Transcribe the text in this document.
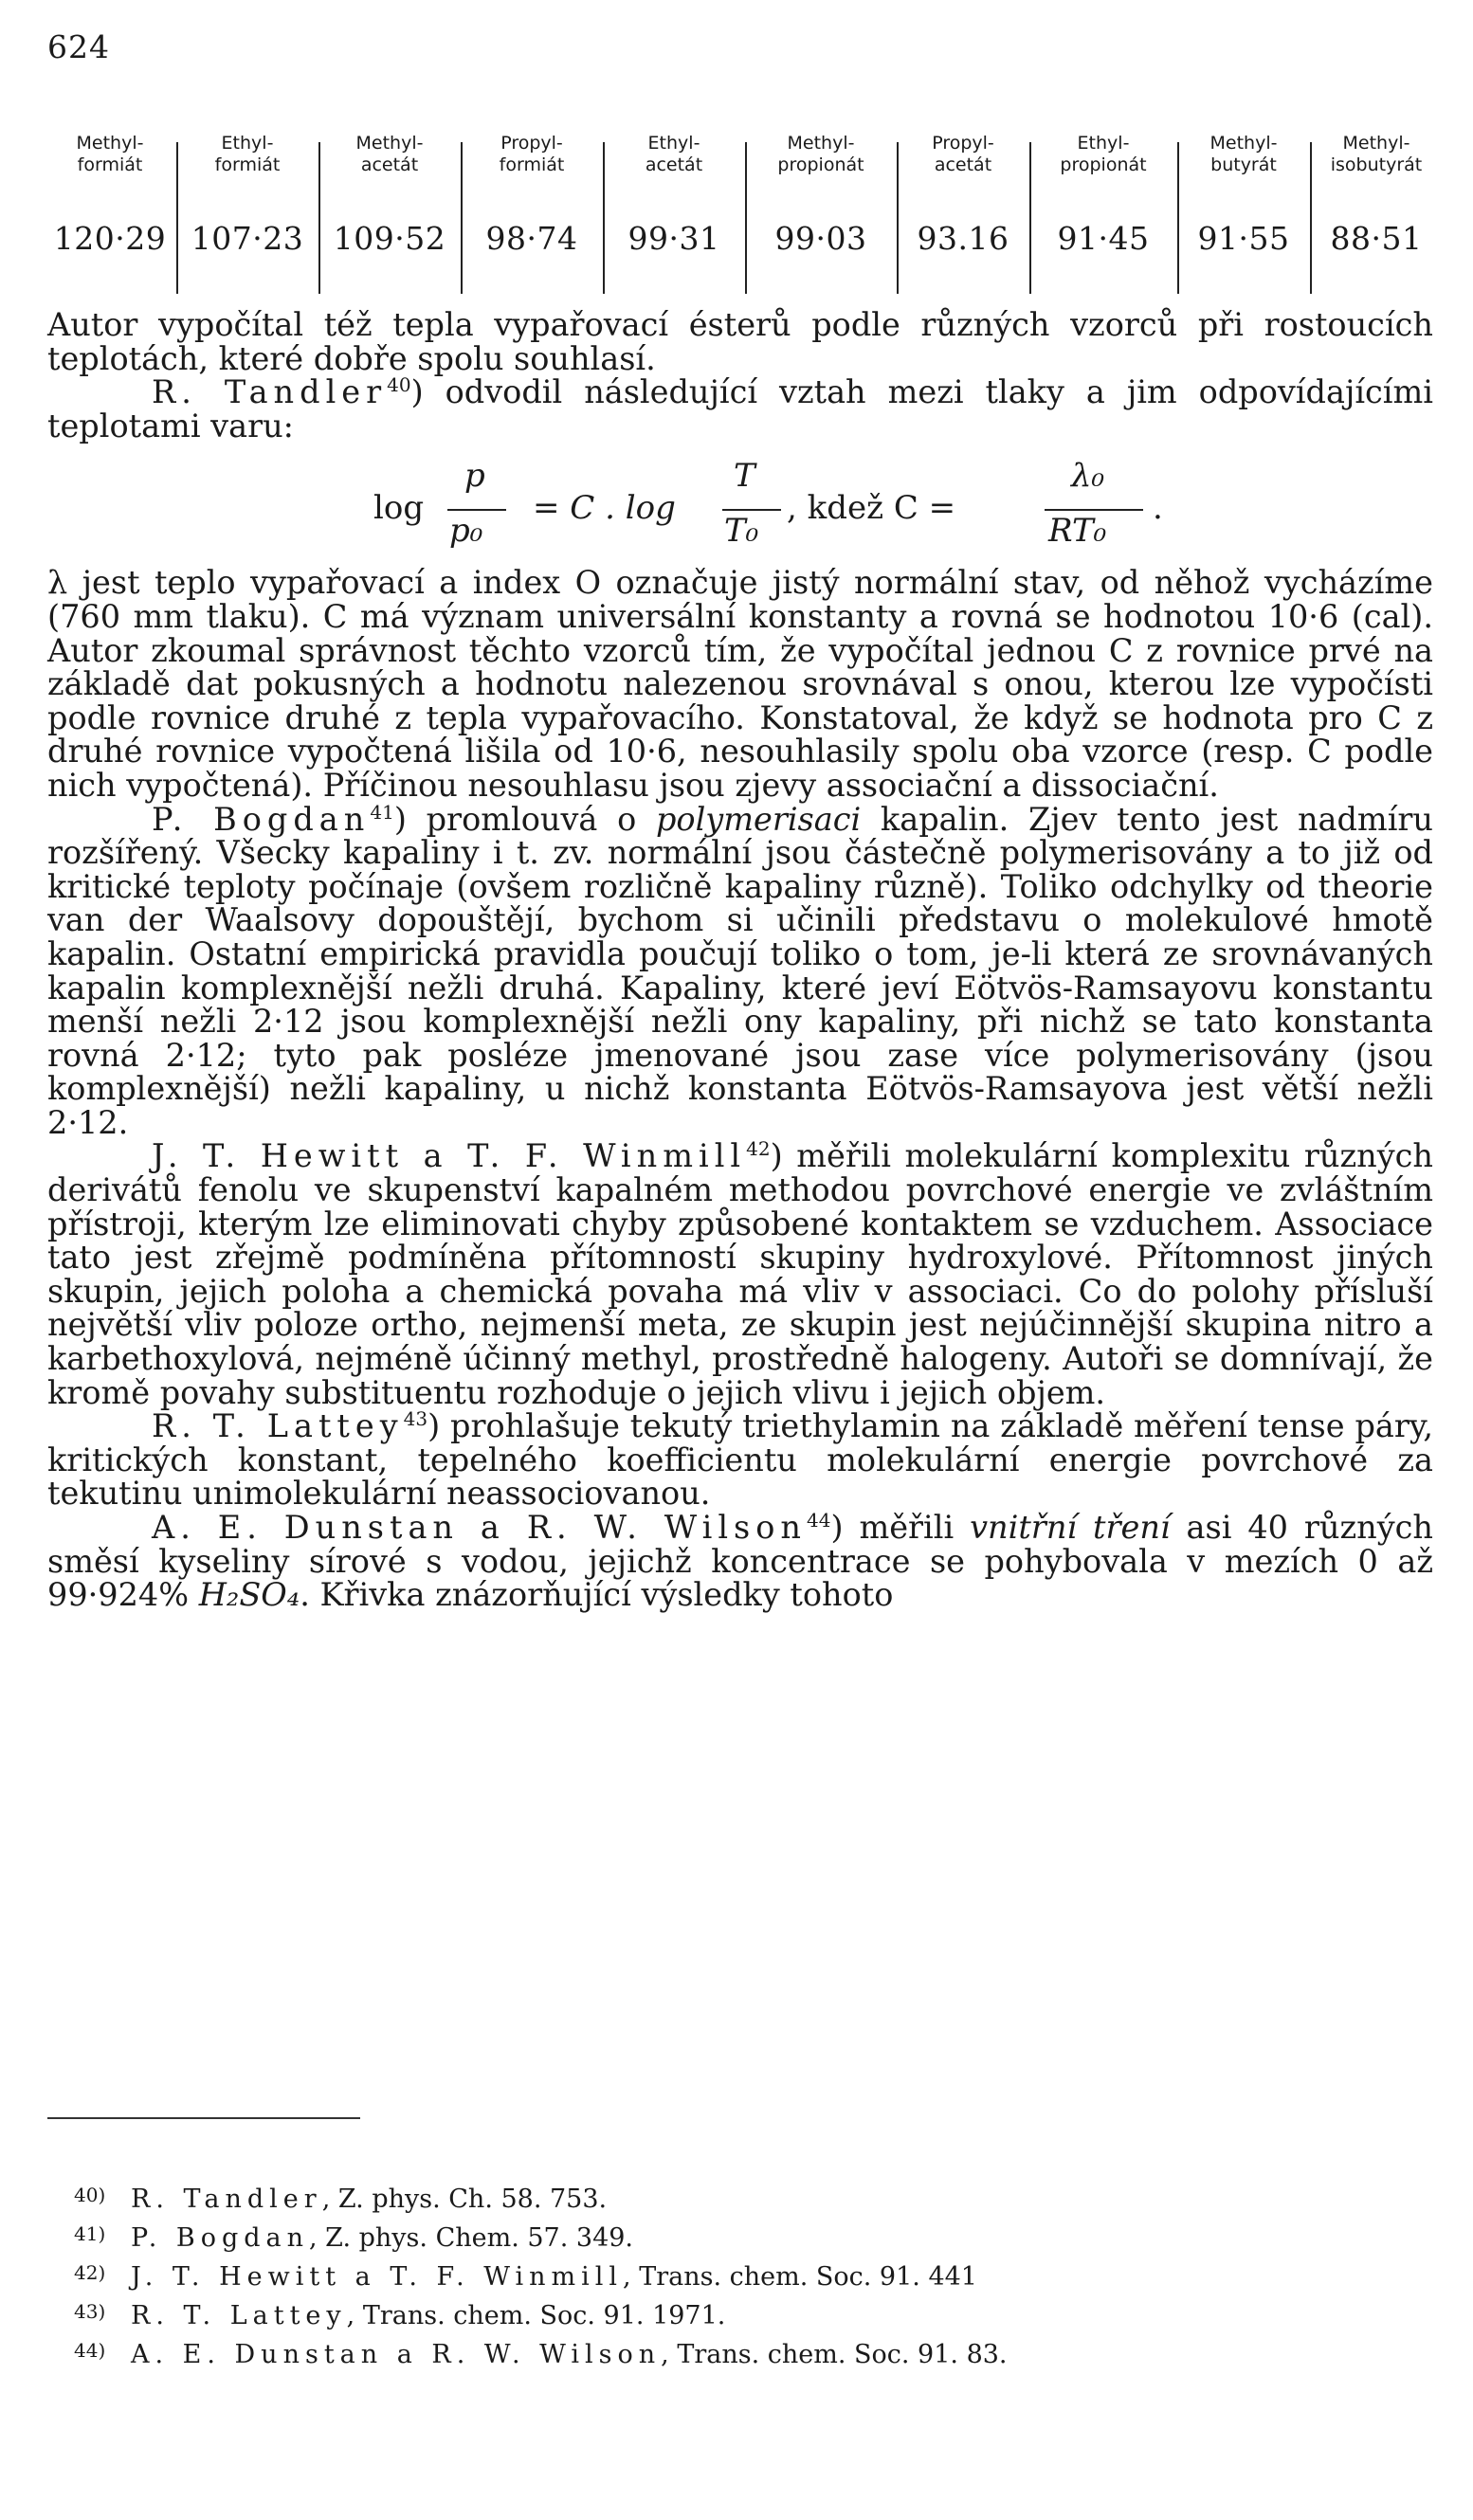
624
Methyl-
formiát
120·29
Ethyl-
formiát
107·23
Methyl-
acetát
109·52
Propyl-
formiát
98·74
Ethyl-
acetát
99·31
Methyl-
propionát
99·03
Propyl-
acetát
93.16
Ethyl-
propionát
91·45
Methyl-
butyrát
91·55
Methyl-
isobutyrát
88·51

Autor vypočítal též tepla vypařovací ésterů podle různých vzorců při rostoucích teplotách, které dobře spolu souhlasí.

R. Tandler$^{40}$) odvodil následující vztah mezi tlaky a jim odpovídajícími teplotami varu:

log
p
p₀
= C . log
T
T₀
, kdež C =
λ₀
RT₀
.

λ jest teplo vypařovací a index O označuje jistý normální stav, od něhož vycházíme (760 mm tlaku). C má význam universální konstanty a rovná se hodnotou 10·6 (cal). Autor zkoumal správnost těchto vzorců tím, že vypočítal jednou C z rovnice prvé na základě dat pokusných a hodnotu nalezenou srovnával s onou, kterou lze vypočísti podle rovnice druhé z tepla vypařovacího. Konstatoval, že když se hodnota pro C z druhé rovnice vypočtená lišila od 10·6, nesouhlasily spolu oba vzorce (resp. C podle nich vypočtená). Příčinou nesouhlasu jsou zjevy associační a dissociační.

P. Bogdan$^{41}$) promlouvá o polymerisaci kapalin. Zjev tento jest nadmíru rozšířený. Všecky kapaliny i t. zv. normální jsou částečně polymerisovány a to již od kritické teploty počínaje (ovšem rozličně kapaliny různě). Toliko odchylky od theorie van der Waalsovy dopouštějí, bychom si učinili představu o molekulové hmotě kapalin. Ostatní empirická pravidla poučují toliko o tom, je-li která ze srovnávaných kapalin komplexnější nežli druhá. Kapaliny, které jeví Eötvös-Ramsayovu konstantu menší nežli 2·12 jsou komplexnější nežli ony kapaliny, při nichž se tato konstanta rovná 2·12; tyto pak posléze jmenované jsou zase více polymerisovány (jsou komplexnější) nežli kapaliny, u nichž konstanta Eötvös-Ramsayova jest větší nežli 2·12.

J. T. Hewitt a T. F. Winmill$^{42}$) měřili molekulární komplexitu různých derivátů fenolu ve skupenství kapalném methodou povrchové energie ve zvláštním přístroji, kterým lze eliminovati chyby způsobené kontaktem se vzduchem. Associace tato jest zřejmě podmíněna přítomností skupiny hydroxylové. Přítomnost jiných skupin, jejich poloha a chemická povaha má vliv v associaci. Co do polohy přísluší největší vliv poloze ortho, nejmenší meta, ze skupin jest nejúčinnější skupina nitro a karbethoxylová, nejméně účinný methyl, prostředně halogeny. Autoři se domnívají, že kromě povahy substituentu rozhoduje o jejich vlivu i jejich objem.

R. T. Lattey$^{43}$) prohlašuje tekutý triethylamin na základě měření tense páry, kritických konstant, tepelného koefficientu molekulární energie povrchové za tekutinu unimolekulární neassociovanou.

A. E. Dunstan a R. W. Wilson$^{44}$) měřili vnitřní tření asi 40 různých směsí kyseliny sírové s vodou, jejichž koncentrace se pohybovala v mezích 0 až 99·924% H₂SO₄. Křivka znázorňující výsledky tohoto

40) R. Tandler, Z. phys. Ch. 58. 753.
41) P. Bogdan, Z. phys. Chem. 57. 349.
42) J. T. Hewitt a T. F. Winmill, Trans. chem. Soc. 91. 441
43) R. T. Lattey, Trans. chem. Soc. 91. 1971.
44) A. E. Dunstan a R. W. Wilson, Trans. chem. Soc. 91. 83.
